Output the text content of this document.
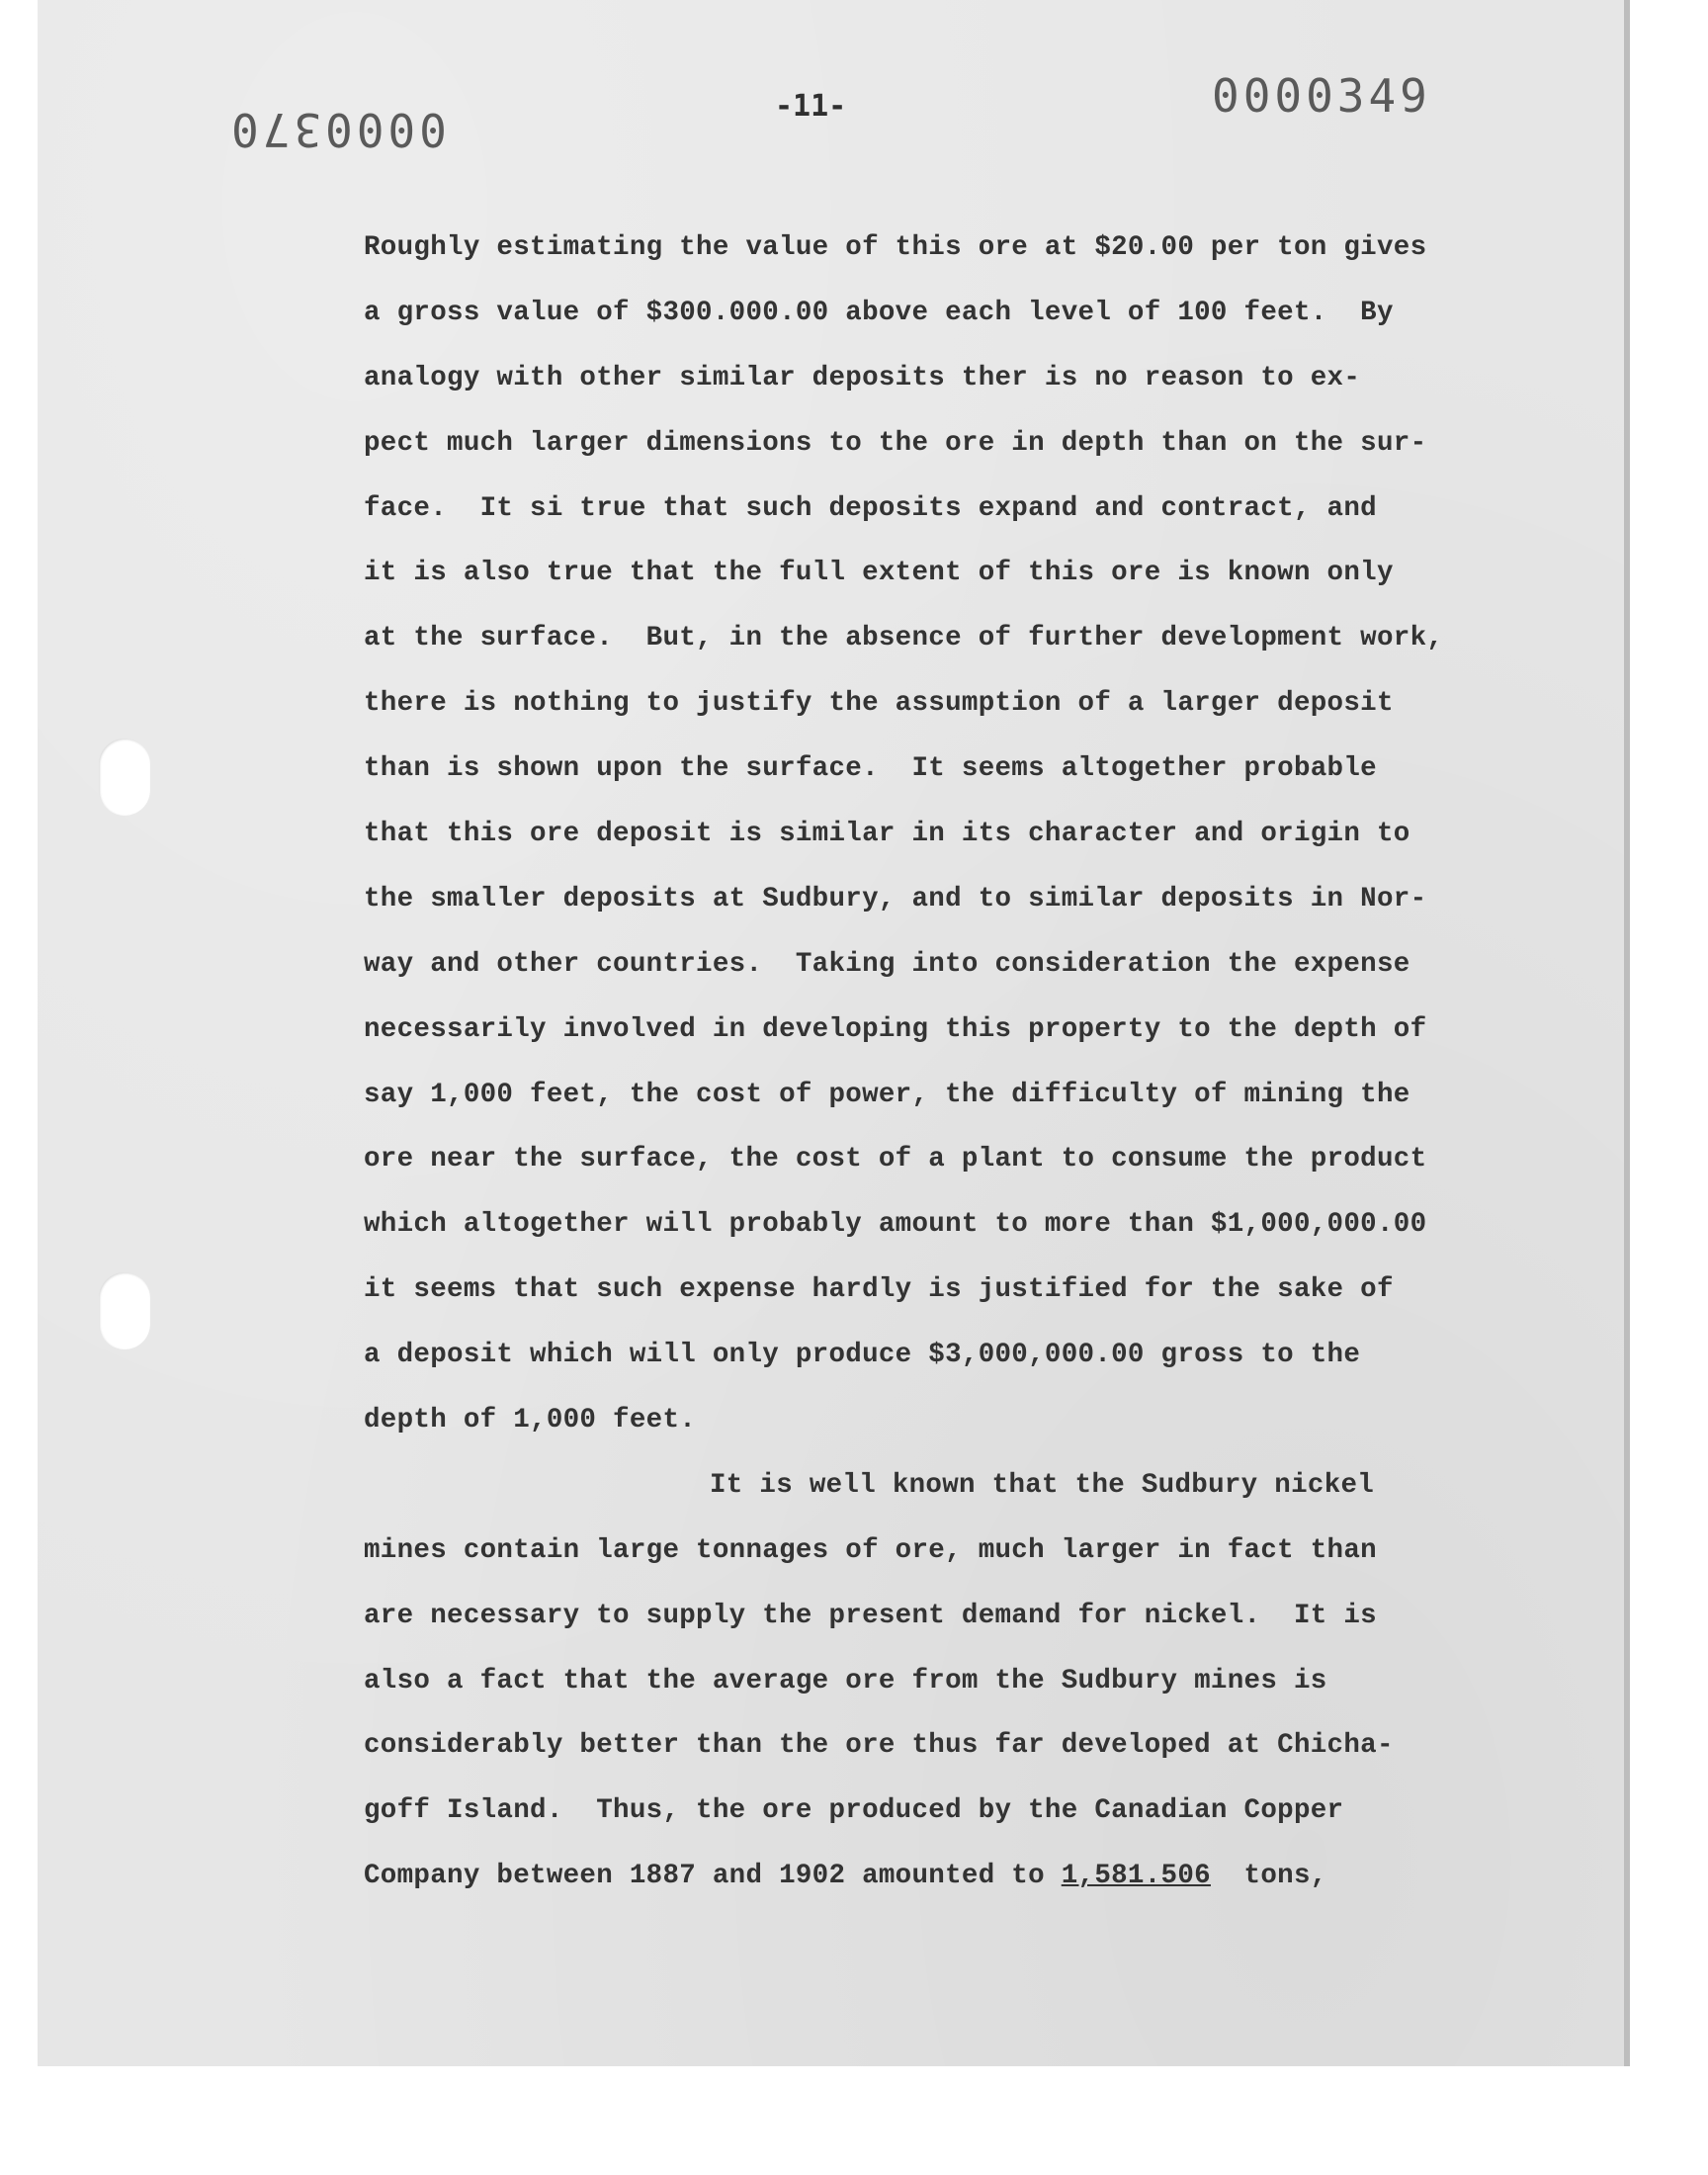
0000370	-11-	0000349
Roughly estimating the value of this ore at $20.00 per ton gives
a gross value of $300.000.00 above each level of 100 feet.  By
analogy with other similar deposits ther is no reason to ex-
pect much larger dimensions to the ore in depth than on the sur-
face.  It si true that such deposits expand and contract, and
it is also true that the full extent of this ore is known only
at the surface.  But, in the absence of further development work,
there is nothing to justify the assumption of a larger deposit
than is shown upon the surface.  It seems altogether probable
that this ore deposit is similar in its character and origin to
the smaller deposits at Sudbury, and to similar deposits in Nor-
way and other countries.  Taking into consideration the expense
necessarily involved in developing this property to the depth of
say 1,000 feet, the cost of power, the difficulty of mining the
ore near the surface, the cost of a plant to consume the product
which altogether will probably amount to more than $1,000,000.00
it seems that such expense hardly is justified for the sake of
a deposit which will only produce $3,000,000.00 gross to the
depth of 1,000 feet.
It is well known that the Sudbury nickel
mines contain large tonnages of ore, much larger in fact than
are necessary to supply the present demand for nickel.  It is
also a fact that the average ore from the Sudbury mines is
considerably better than the ore thus far developed at Chicha-
goff Island.  Thus, the ore produced by the Canadian Copper
Company between 1887 and 1902 amounted to 1,581.506  tons,
